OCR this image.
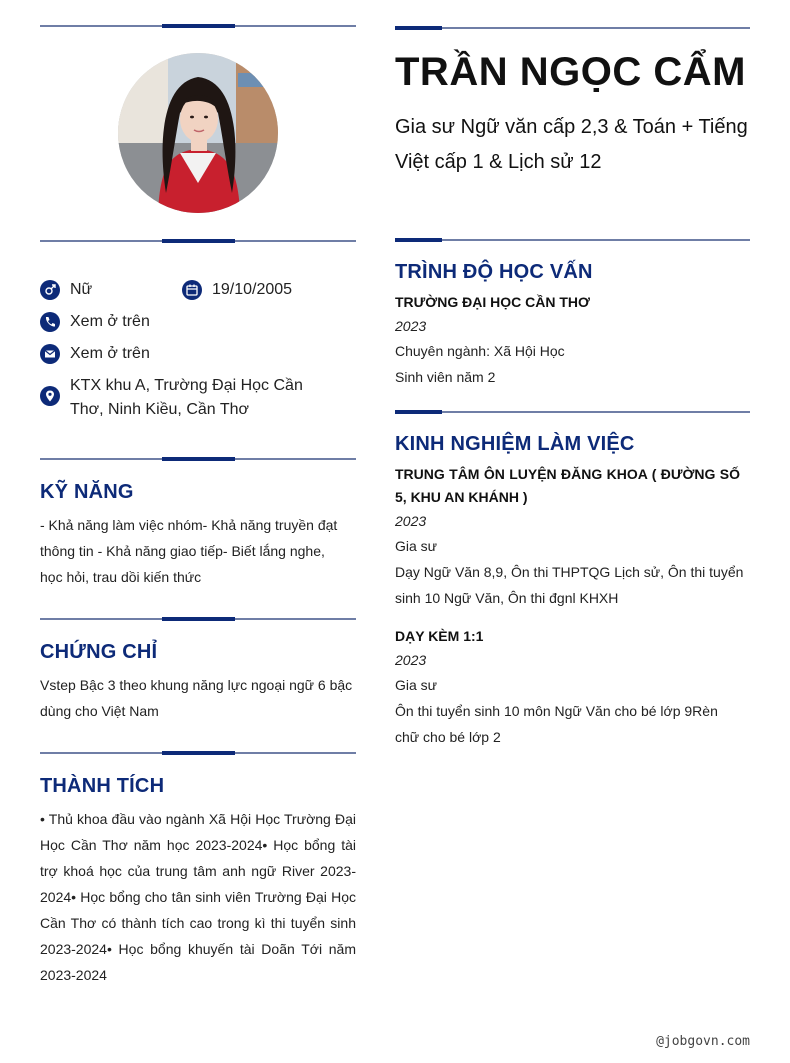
Nữ	19/10/2005
Xem ở trên
Xem ở trên
KTX khu A, Trường Đại Học Cần Thơ, Ninh Kiều, Cần Thơ
KỸ NĂNG
- Khả năng làm việc nhóm- Khả năng truyền đạt thông tin - Khả năng giao tiếp- Biết lắng nghe, học hỏi, trau dồi kiến thức
CHỨNG CHỈ
Vstep Bậc 3 theo khung năng lực ngoại ngữ 6 bậc dùng cho Việt Nam
THÀNH TÍCH
• Thủ khoa đầu vào ngành Xã Hội Học Trường Đại Học Cần Thơ năm học 2023-2024• Học bổng tài trợ khoá học của trung tâm anh ngữ River 2023-2024• Học bổng cho tân sinh viên Trường Đại Học Cần Thơ có thành tích cao trong kì thi tuyển sinh 2023-2024• Học bổng khuyến tài Doãn Tới năm 2023-2024
TRẦN NGỌC CẨM
Gia sư Ngữ văn cấp 2,3 & Toán + Tiếng Việt cấp 1 & Lịch sử 12
TRÌNH ĐỘ HỌC VẤN
TRƯỜNG ĐẠI HỌC CẦN THƠ
2023
Chuyên ngành: Xã Hội Học
Sinh viên năm 2
KINH NGHIỆM LÀM VIỆC
TRUNG TÂM ÔN LUYỆN ĐĂNG KHOA ( ĐƯỜNG SỐ 5, KHU AN KHÁNH )
2023
Gia sư
Dạy Ngữ Văn 8,9, Ôn thi THPTQG Lịch sử, Ôn thi tuyển sinh 10 Ngữ Văn, Ôn thi đgnl KHXH
DẠY KÈM 1:1
2023
Gia sư
Ôn thi tuyển sinh 10 môn Ngữ Văn cho bé lớp 9Rèn chữ cho bé lớp 2
@jobgovn.com
